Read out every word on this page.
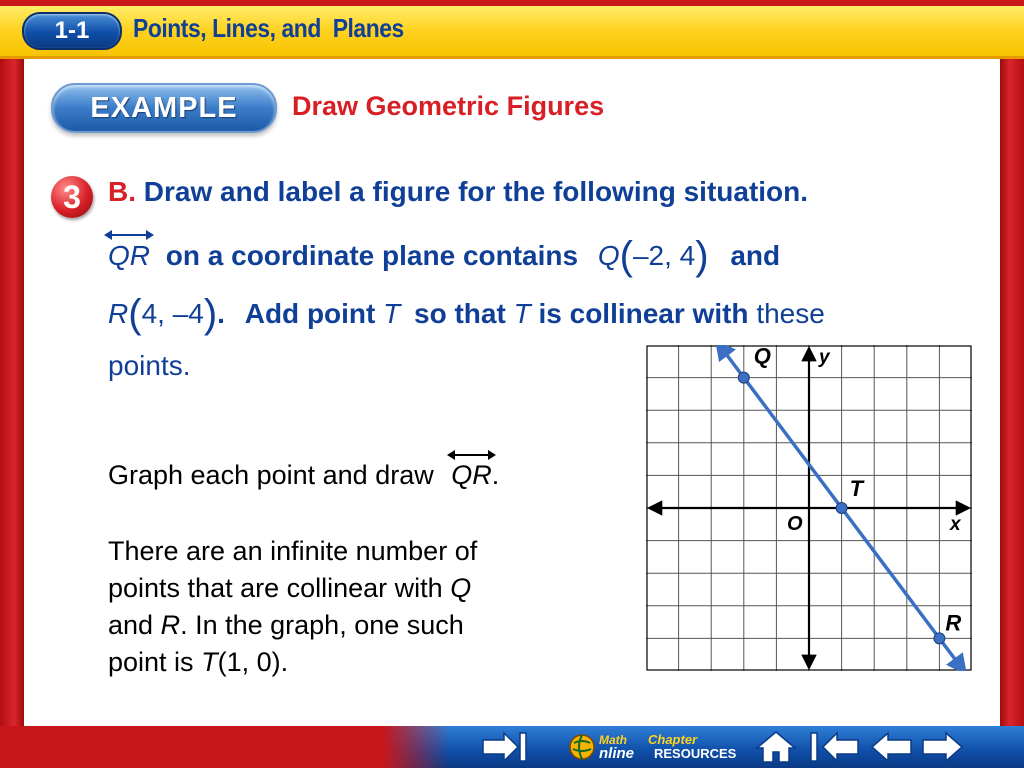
1-1	Points, Lines, and  Planes
EXAMPLE	Draw Geometric Figures
3 B. Draw and label a figure for the following situation.
QR on a coordinate plane contains Q(–2, 4) and
R(4, –4). Add point T so that T is collinear with these
points.
Graph each point and draw QR.
There are an infinite number of
points that are collinear with Q
and R. In the graph, one such
point is T(1, 0).
Q
T
R
x
y
O
Math
nline
Chapter
RESOURCES
